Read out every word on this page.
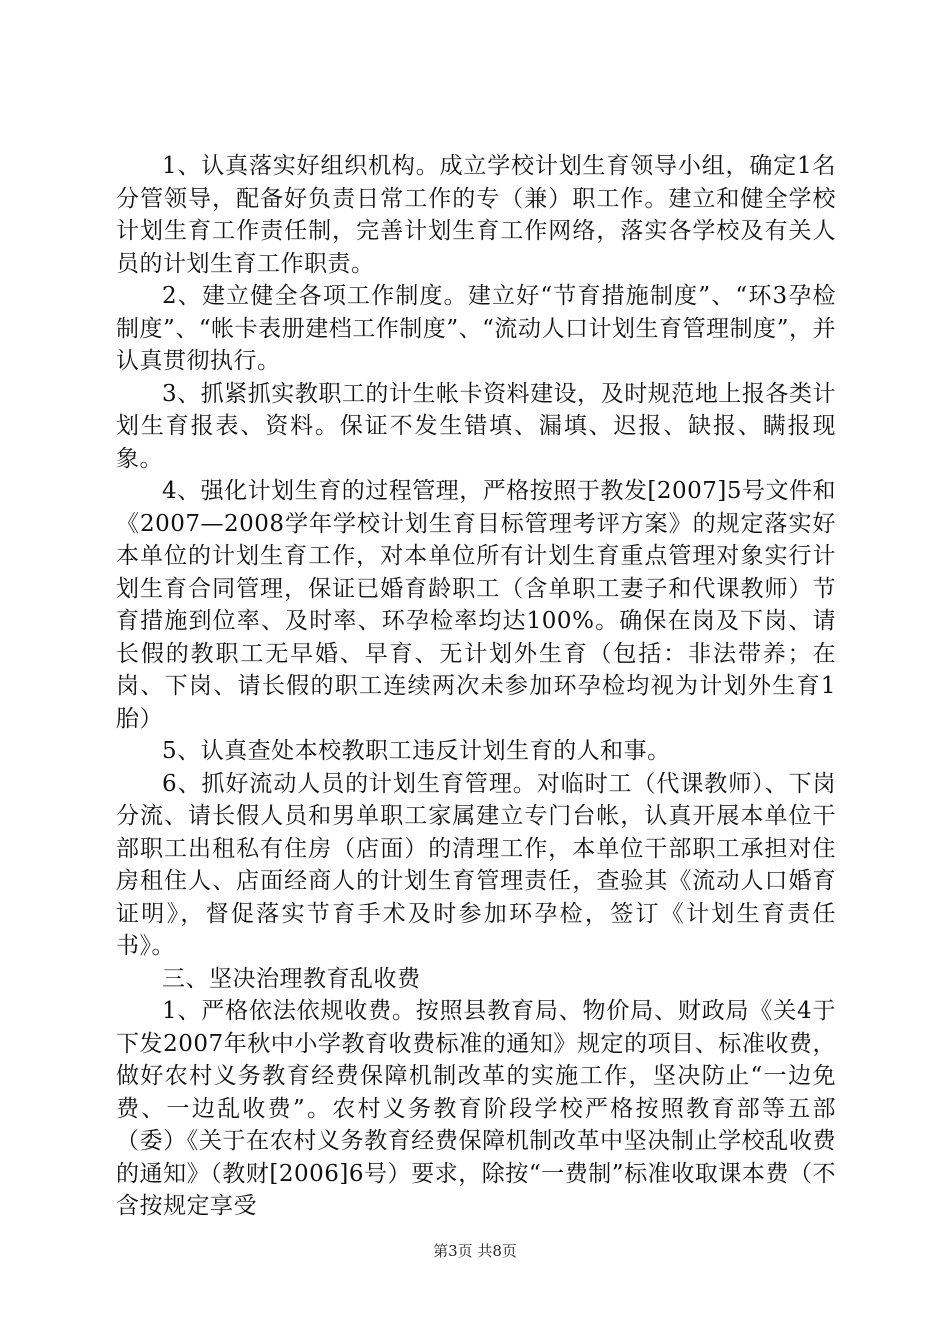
1、认真落实好组织机构。成立学校计划生育领导小组，确定1名分管领导，配备好负责日常工作的专（兼）职工作。建立和健全学校计划生育工作责任制，完善计划生育工作网络，落实各学校及有关人员的计划生育工作职责。

2、建立健全各项工作制度。建立好“节育措施制度”、“环3孕检制度”、“帐卡表册建档工作制度”、“流动人口计划生育管理制度”，并认真贯彻执行。

3、抓紧抓实教职工的计生帐卡资料建设，及时规范地上报各类计划生育报表、资料。保证不发生错填、漏填、迟报、缺报、瞒报现象。

4、强化计划生育的过程管理，严格按照于教发[2007]5号文件和《2007—2008学年学校计划生育目标管理考评方案》的规定落实好本单位的计划生育工作，对本单位所有计划生育重点管理对象实行计划生育合同管理，保证已婚育龄职工（含单职工妻子和代课教师）节育措施到位率、及时率、环孕检率均达100%。确保在岗及下岗、请长假的教职工无早婚、早育、无计划外生育（包括：非法带养；在岗、下岗、请长假的职工连续两次未参加环孕检均视为计划外生育1胎）

5、认真查处本校教职工违反计划生育的人和事。

6、抓好流动人员的计划生育管理。对临时工（代课教师）、下岗分流、请长假人员和男单职工家属建立专门台帐，认真开展本单位干部职工出租私有住房（店面）的清理工作，本单位干部职工承担对住房租住人、店面经商人的计划生育管理责任，查验其《流动人口婚育证明》，督促落实节育手术及时参加环孕检，签订《计划生育责任书》。

三、坚决治理教育乱收费

1、严格依法依规收费。按照县教育局、物价局、财政局《关4于下发2007年秋中小学教育收费标准的通知》规定的项目、标准收费，做好农村义务教育经费保障机制改革的实施工作，坚决防止“一边免费、一边乱收费”。农村义务教育阶段学校严格按照教育部等五部（委）《关于在农村义务教育经费保障机制改革中坚决制止学校乱收费的通知》（教财[2006]6号）要求，除按“一费制”标准收取课本费（不含按规定享受

第3页 共8页
